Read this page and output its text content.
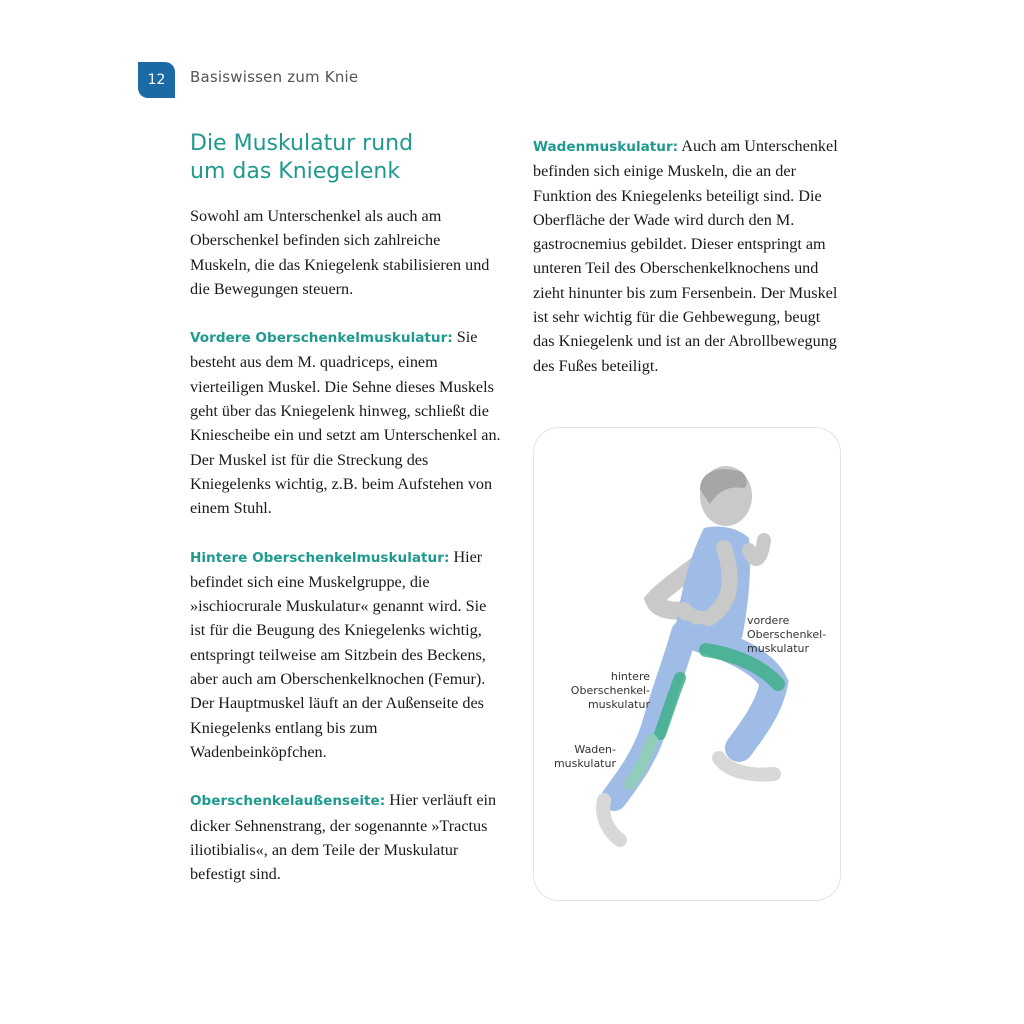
12 Basiswissen zum Knie
Die Muskulatur rund
um das Kniegelenk

Sowohl am Unterschenkel als auch am Oberschenkel befinden sich zahlreiche Muskeln, die das Kniegelenk stabilisieren und die Bewegungen steuern.

Vordere Oberschenkelmuskulatur: Sie besteht aus dem M. quadriceps, einem vierteiligen Muskel. Die Sehne dieses Muskels geht über das Kniegelenk hinweg, schließt die Kniescheibe ein und setzt am Unterschenkel an. Der Muskel ist für die Streckung des Kniegelenks wichtig, z.B. beim Aufstehen von einem Stuhl.

Hintere Oberschenkelmuskulatur: Hier befindet sich eine Muskelgruppe, die »ischiocrurale Muskulatur« genannt wird. Sie ist für die Beugung des Kniegelenks wichtig, entspringt teilweise am Sitzbein des Beckens, aber auch am Oberschenkelknochen (Femur). Der Hauptmuskel läuft an der Außenseite des Kniegelenks entlang bis zum Wadenbeinköpfchen.

Oberschenkelaußenseite: Hier verläuft ein dicker Sehnenstrang, der sogenannte »Tractus iliotibialis«, an dem Teile der Muskulatur befestigt sind.

Wadenmuskulatur: Auch am Unterschenkel befinden sich einige Muskeln, die an der Funktion des Kniegelenks beteiligt sind. Die Oberfläche der Wade wird durch den M. gastrocnemius gebildet. Dieser entspringt am unteren Teil des Oberschenkelknochens und zieht hinunter bis zum Fersenbein. Der Muskel ist sehr wichtig für die Gehbewegung, beugt das Kniegelenk und ist an der Abrollbewegung des Fußes beteiligt.

vordere
Oberschenkel-
muskulatur
hintere
Oberschenkel-
muskulatur
Waden-
muskulatur
